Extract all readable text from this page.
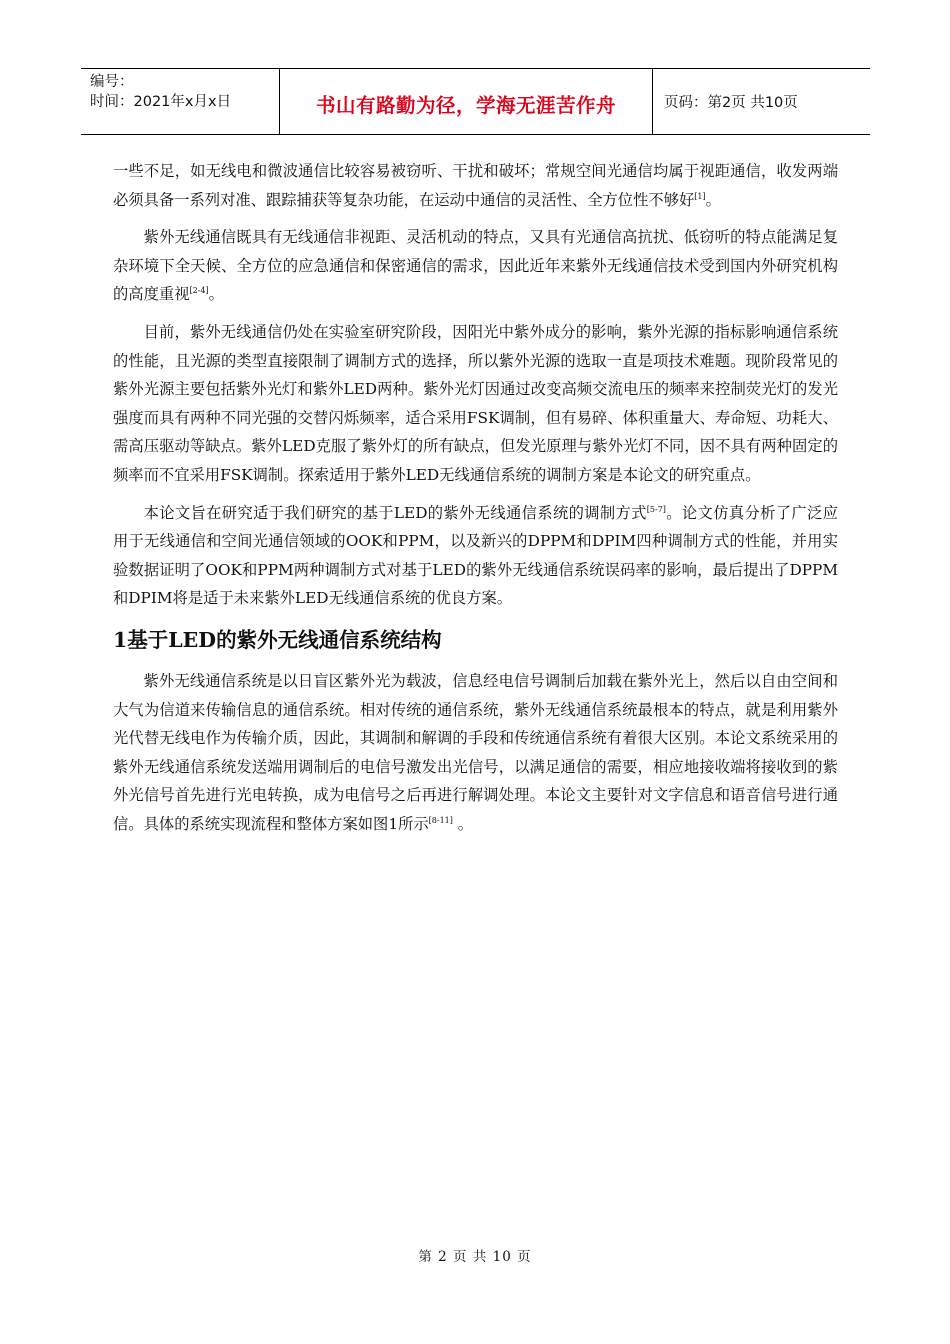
编号：
时间：2021年x月x日	书山有路勤为径，学海无涯苦作舟	页码：第2页 共10页

一些不足，如无线电和微波通信比较容易被窃听、干扰和破坏；常规空间光通信均属于视距通信，收发两端必须具备一系列对准、跟踪捕获等复杂功能，在运动中通信的灵活性、全方位性不够好[1]。

紫外无线通信既具有无线通信非视距、灵活机动的特点，又具有光通信高抗扰、低窃听的特点能满足复杂环境下全天候、全方位的应急通信和保密通信的需求，因此近年来紫外无线通信技术受到国内外研究机构的高度重视[2-4]。

目前，紫外无线通信仍处在实验室研究阶段，因阳光中紫外成分的影响，紫外光源的指标影响通信系统的性能，且光源的类型直接限制了调制方式的选择，所以紫外光源的选取一直是项技术难题。现阶段常见的紫外光源主要包括紫外光灯和紫外LED两种。紫外光灯因通过改变高频交流电压的频率来控制荧光灯的发光强度而具有两种不同光强的交替闪烁频率，适合采用FSK调制，但有易碎、体积重量大、寿命短、功耗大、需高压驱动等缺点。紫外LED克服了紫外灯的所有缺点，但发光原理与紫外光灯不同，因不具有两种固定的频率而不宜采用FSK调制。探索适用于紫外LED无线通信系统的调制方案是本论文的研究重点。

本论文旨在研究适于我们研究的基于LED的紫外无线通信系统的调制方式[5-7]。论文仿真分析了广泛应用于无线通信和空间光通信领域的OOK和PPM，以及新兴的DPPM和DPIM四种调制方式的性能，并用实验数据证明了OOK和PPM两种调制方式对基于LED的紫外无线通信系统误码率的影响，最后提出了DPPM和DPIM将是适于未来紫外LED无线通信系统的优良方案。

1基于LED的紫外无线通信系统结构

紫外无线通信系统是以日盲区紫外光为载波，信息经电信号调制后加载在紫外光上，然后以自由空间和大气为信道来传输信息的通信系统。相对传统的通信系统，紫外无线通信系统最根本的特点，就是利用紫外光代替无线电作为传输介质，因此，其调制和解调的手段和传统通信系统有着很大区别。本论文系统采用的紫外无线通信系统发送端用调制后的电信号激发出光信号，以满足通信的需要，相应地接收端将接收到的紫外光信号首先进行光电转换，成为电信号之后再进行解调处理。本论文主要针对文字信息和语音信号进行通信。具体的系统实现流程和整体方案如图1所示[8-11] 。

第 2 页 共 10 页
